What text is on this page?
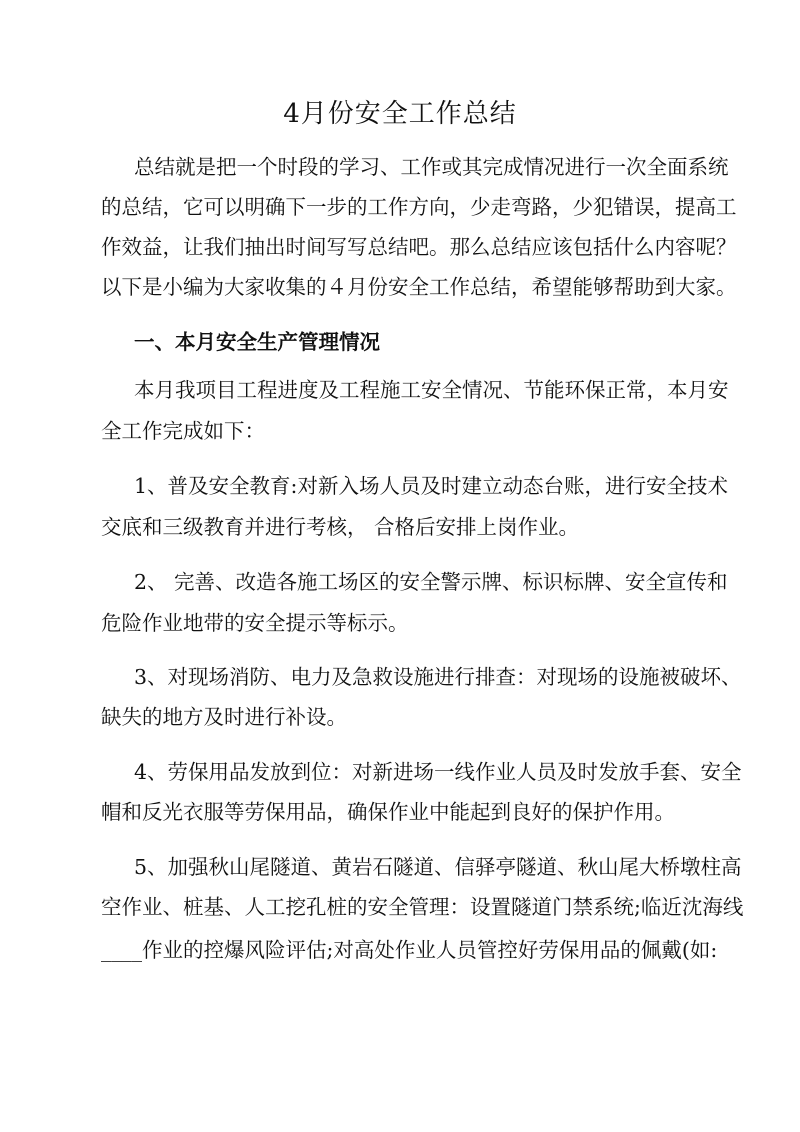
4月份安全工作总结

总结就是把一个时段的学习、工作或其完成情况进行一次全面系统

的总结，它可以明确下一步的工作方向，少走弯路，少犯错误，提高工

作效益，让我们抽出时间写写总结吧。那么总结应该包括什么内容呢？

以下是小编为大家收集的４月份安全工作总结，希望能够帮助到大家。

一、本月安全生产管理情况

本月我项目工程进度及工程施工安全情况、节能环保正常，本月安

全工作完成如下：

1、普及安全教育:对新入场人员及时建立动态台账，进行安全技术

交底和三级教育并进行考核， 合格后安排上岗作业。

2、 完善、改造各施工场区的安全警示牌、标识标牌、安全宣传和

危险作业地带的安全提示等标示。

3、对现场消防、电力及急救设施进行排查：对现场的设施被破坏、

缺失的地方及时进行补设。

4、劳保用品发放到位：对新进场一线作业人员及时发放手套、安全

帽和反光衣服等劳保用品，确保作业中能起到良好的保护作用。

5、加强秋山尾隧道、黄岩石隧道、信驿亭隧道、秋山尾大桥墩柱高

空作业、桩基、人工挖孔桩的安全管理：设置隧道门禁系统;临近沈海线

____作业的控爆风险评估;对高处作业人员管控好劳保用品的佩戴(如:
